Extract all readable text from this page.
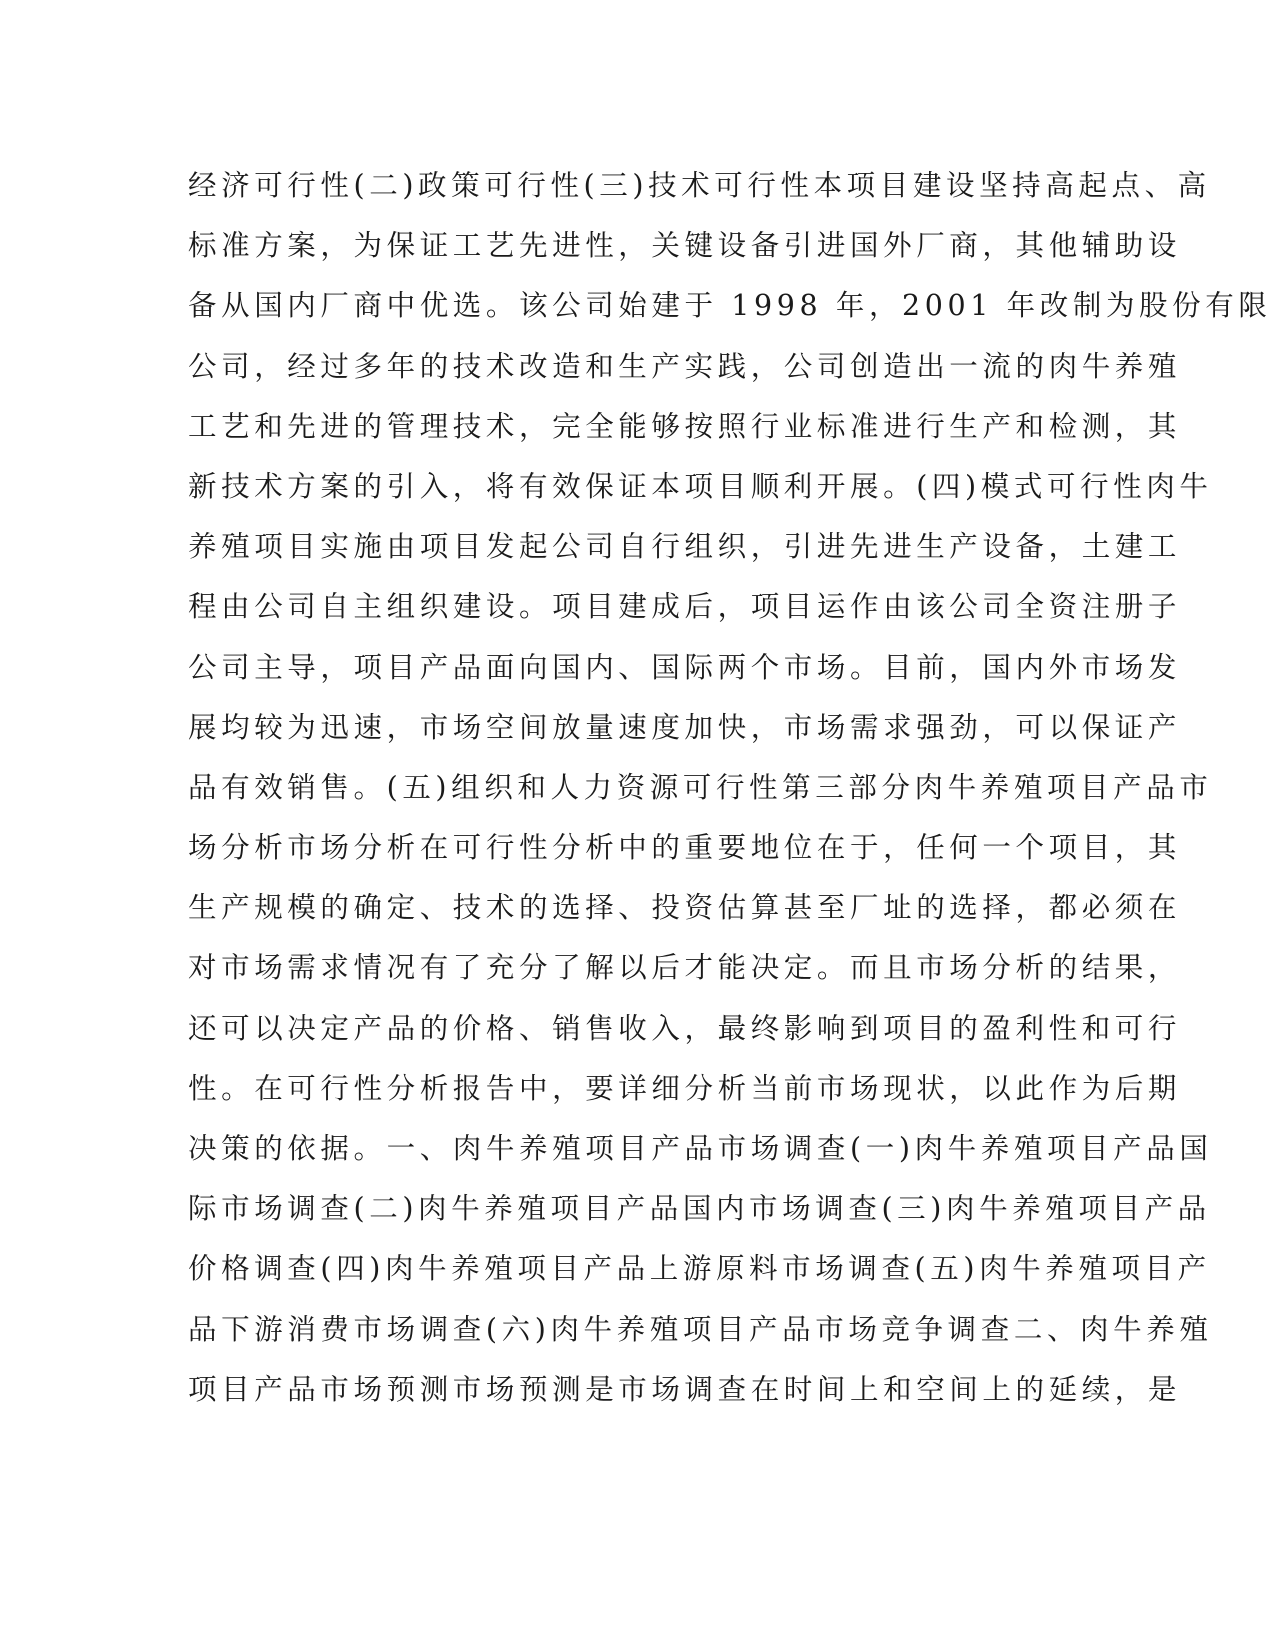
经济可行性(二)政策可行性(三)技术可行性本项目建设坚持高起点、高
标准方案，为保证工艺先进性，关键设备引进国外厂商，其他辅助设
备从国内厂商中优选。该公司始建于 1998 年，2001 年改制为股份有限
公司，经过多年的技术改造和生产实践，公司创造出一流的肉牛养殖
工艺和先进的管理技术，完全能够按照行业标准进行生产和检测，其
新技术方案的引入，将有效保证本项目顺利开展。(四)模式可行性肉牛
养殖项目实施由项目发起公司自行组织，引进先进生产设备，土建工
程由公司自主组织建设。项目建成后，项目运作由该公司全资注册子
公司主导，项目产品面向国内、国际两个市场。目前，国内外市场发
展均较为迅速，市场空间放量速度加快，市场需求强劲，可以保证产
品有效销售。(五)组织和人力资源可行性第三部分肉牛养殖项目产品市
场分析市场分析在可行性分析中的重要地位在于，任何一个项目，其
生产规模的确定、技术的选择、投资估算甚至厂址的选择，都必须在
对市场需求情况有了充分了解以后才能决定。而且市场分析的结果，
还可以决定产品的价格、销售收入，最终影响到项目的盈利性和可行
性。在可行性分析报告中，要详细分析当前市场现状，以此作为后期
决策的依据。一、肉牛养殖项目产品市场调查(一)肉牛养殖项目产品国
际市场调查(二)肉牛养殖项目产品国内市场调查(三)肉牛养殖项目产品
价格调查(四)肉牛养殖项目产品上游原料市场调查(五)肉牛养殖项目产
品下游消费市场调查(六)肉牛养殖项目产品市场竞争调查二、肉牛养殖
项目产品市场预测市场预测是市场调查在时间上和空间上的延续，是
